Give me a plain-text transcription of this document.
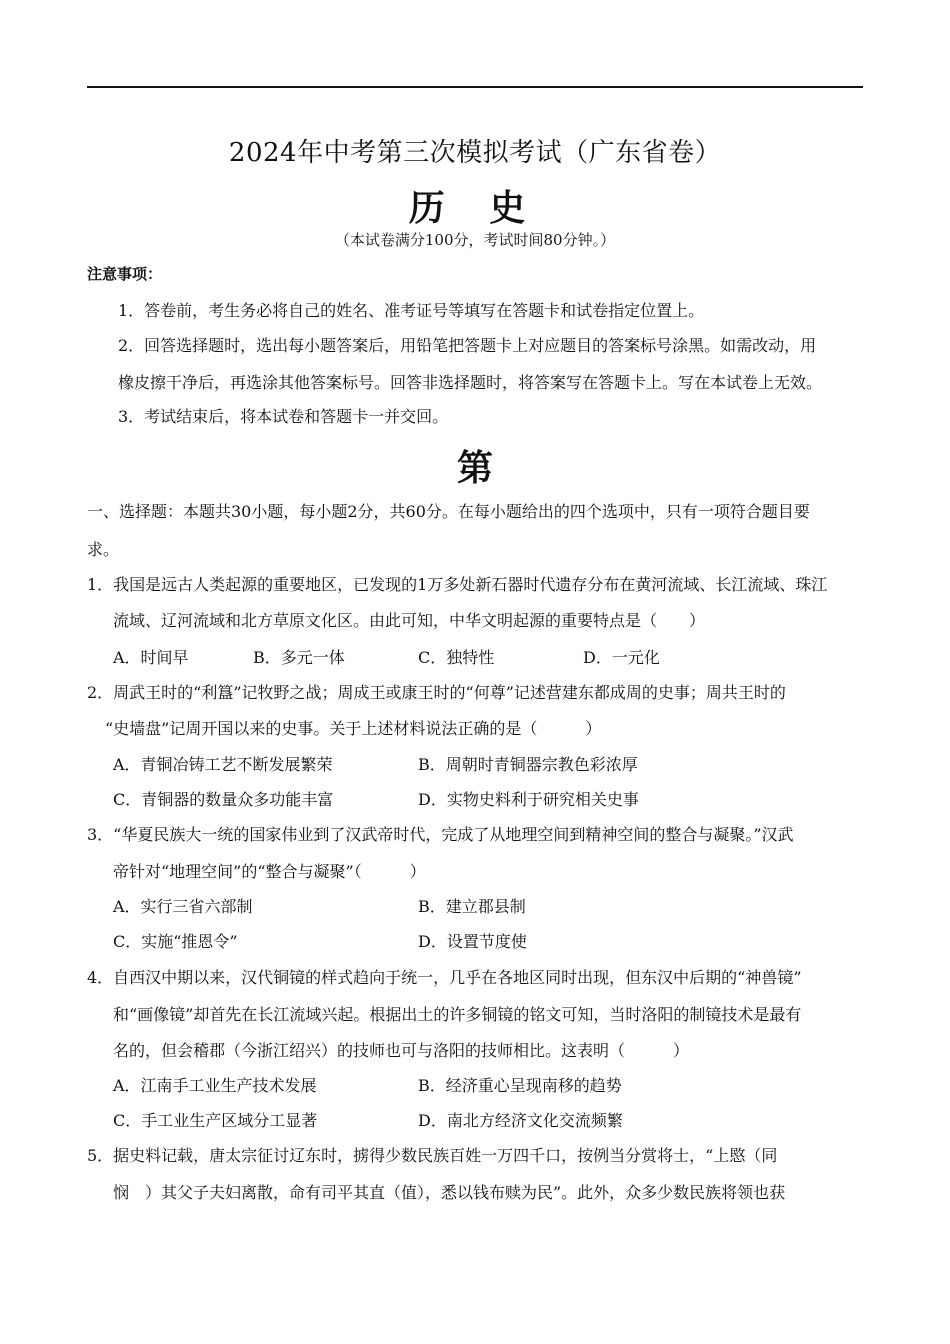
2024年中考第三次模拟考试（广东省卷）
历 史
（本试卷满分100分，考试时间80分钟。）
注意事项：
1．答卷前，考生务必将自己的姓名、准考证号等填写在答题卡和试卷指定位置上。
2．回答选择题时，选出每小题答案后，用铅笔把答题卡上对应题目的答案标号涂黑。如需改动，用
橡皮擦干净后，再选涂其他答案标号。回答非选择题时，将答案写在答题卡上。写在本试卷上无效。
3．考试结束后，将本试卷和答题卡一并交回。
第
一、选择题：本题共30小题，每小题2分，共60分。在每小题给出的四个选项中，只有一项符合题目要
求。
1．我国是远古人类起源的重要地区，已发现的1万多处新石器时代遗存分布在黄河流域、长江流域、珠江
流域、辽河流域和北方草原文化区。由此可知，中华文明起源的重要特点是（　　）
A．时间早	B．多元一体	C．独特性	D．一元化
2．周武王时的“利簋”记牧野之战；周成王或康王时的“何尊”记述营建东都成周的史事；周共王时的
“史墙盘”记周开国以来的史事。关于上述材料说法正确的是（　　　）
A．青铜冶铸工艺不断发展繁荣	B．周朝时青铜器宗教色彩浓厚
C．青铜器的数量众多功能丰富	D．实物史料利于研究相关史事
3．“华夏民族大一统的国家伟业到了汉武帝时代，完成了从地理空间到精神空间的整合与凝聚。”汉武
帝针对“地理空间”的“整合与凝聚”（　　　）
A．实行三省六部制	B．建立郡县制
C．实施“推恩令”	D．设置节度使
4．自西汉中期以来，汉代铜镜的样式趋向于统一，几乎在各地区同时出现，但东汉中后期的“神兽镜”
和“画像镜”却首先在长江流域兴起。根据出土的许多铜镜的铭文可知，当时洛阳的制镜技术是最有
名的，但会稽郡（今浙江绍兴）的技师也可与洛阳的技师相比。这表明（　　　）
A．江南手工业生产技术发展	B．经济重心呈现南移的趋势
C．手工业生产区域分工显著	D．南北方经济文化交流频繁
5．据史料记载，唐太宗征讨辽东时，掳得少数民族百姓一万四千口，按例当分赏将士，“上愍（同
悯　）其父子夫妇离散，命有司平其直（值），悉以钱布赎为民”。此外，众多少数民族将领也获
